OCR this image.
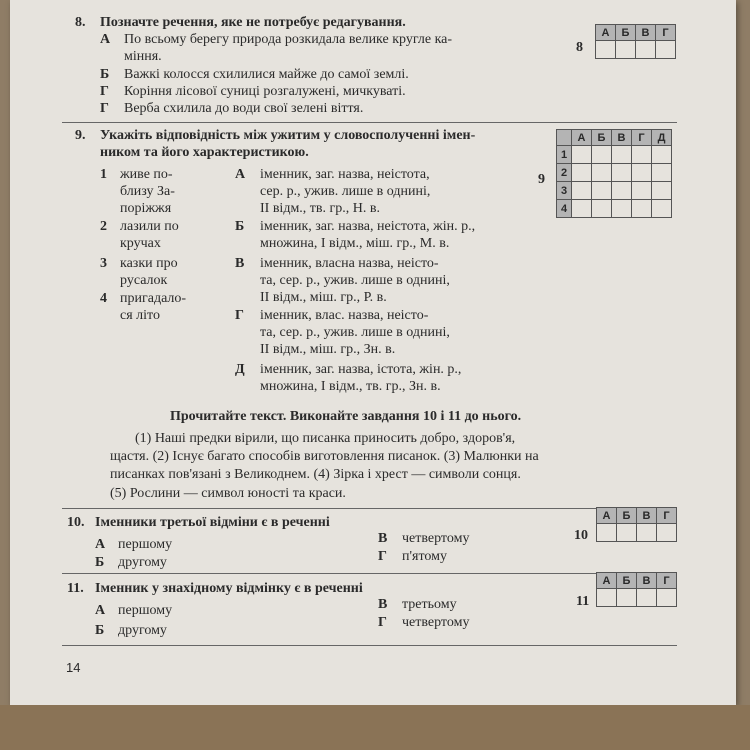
8. Позначте речення, яке не потребує редагування.
А По всьому берегу природа розкидала велике кругле ка-
міння.
Б Важкі колосся схилилися майже до самої землі.
Г Коріння лісової суниці розгалужені, мичкуваті.
Г Верба схилила до води свої зелені віття.
8
А	Б	В	Г

9. Укажіть відповідність між ужитим у словосполученні імен-
ником та його характеристикою.
1 живе по-
близу За-
поріжжя
2 лазили по
кручах
3 казки про
русалок
4 пригадало-
ся літо
А іменник, заг. назва, неістота,
сер. р., ужив. лише в однині,
ІІ відм., тв. гр., Н. в.
Б іменник, заг. назва, неістота, жін. р.,
множина, І відм., міш. гр., М. в.
В іменник, власна назва, неісто-
та, сер. р., ужив. лише в однині,
ІІ відм., міш. гр., Р. в.
Г іменник, влас. назва, неісто-
та, сер. р., ужив. лише в однині,
ІІ відм., міш. гр., Зн. в.
Д іменник, заг. назва, істота, жін. р.,
множина, І відм., тв. гр., Зн. в.
9
	А	Б	В	Г	Д
1					
2					
3					
4					
Прочитайте текст. Виконайте завдання 10 і 11 до нього.
(1) Наші предки вірили, що писанка приносить добро, здоров'я,
щастя. (2) Існує багато способів виготовлення писанок. (3) Малюнки на
писанках пов'язані з Великоднем. (4) Зірка і хрест — символи сонця.
(5) Рослини — символ юності та краси.
10. Іменники третьої відміни є в реченні
А першому
Б другому
В четвертому
Г п'ятому
10
А	Б	В	Г

11. Іменник у знахідному відмінку є в реченні
А першому
Б другому
В третьому
Г четвертому
11
А	Б	В	Г

14
